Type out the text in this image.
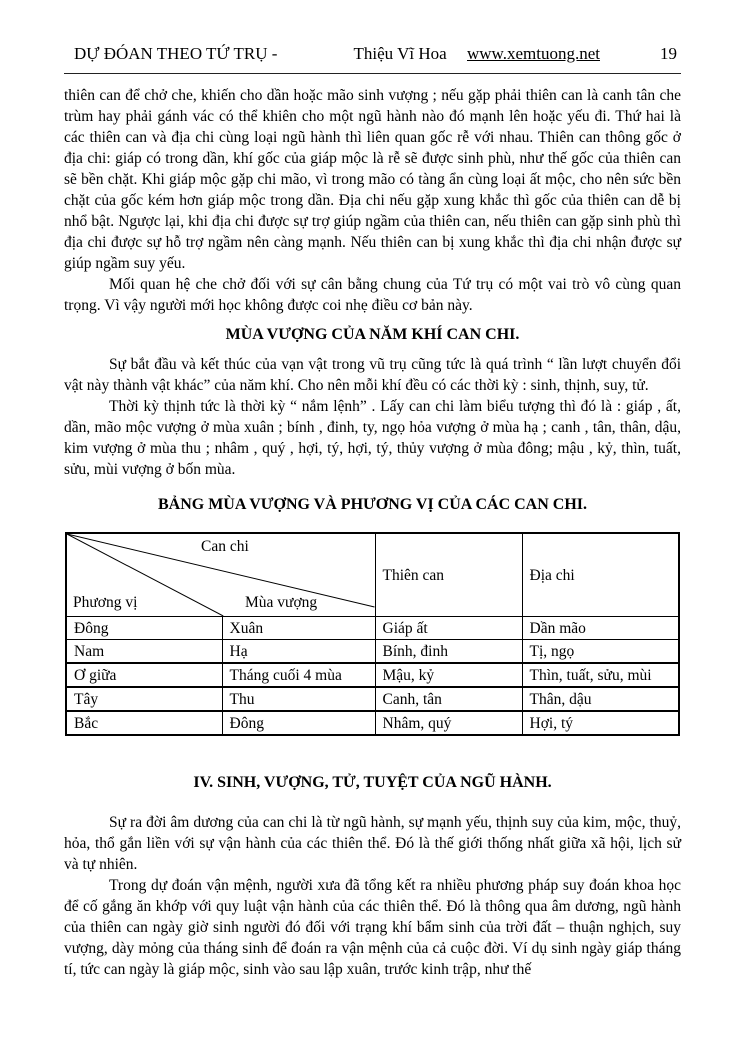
DỰ ĐÓAN THEO TỨ TRỤ -	Thiệu Vĩ Hoa www.xemtuong.net	19

thiên can để chở che, khiến cho dần hoặc mão sinh vượng ; nếu gặp phải thiên can là canh tân che trùm hay phải gánh vác có thể khiên cho một ngũ hành nào đó mạnh lên hoặc yếu đi. Thứ hai là các thiên can và địa chi cùng loại ngũ hành thì liên quan gốc rễ với nhau. Thiên can thông gốc ở địa chi: giáp có trong dần, khí gốc của giáp mộc là rễ sẽ được sinh phù, như thế gốc của thiên can sẽ bền chặt. Khi giáp mộc gặp chi mão, vì trong mão có tàng ẩn cùng loại ất mộc, cho nên sức bền chặt của gốc kém hơn giáp mộc trong dần. Địa chi nếu gặp xung khắc thì gốc của thiên can dễ bị nhổ bật. Ngược lại, khi địa chi được sự trợ giúp ngầm của thiên can, nếu thiên can gặp sinh phù thì địa chi được sự hỗ trợ ngầm nên càng mạnh. Nếu thiên can bị xung khắc thì địa chi nhận được sự giúp ngầm suy yếu.

Mối quan hệ che chở đối với sự cân bằng chung của Tứ trụ có một vai trò vô cùng quan trọng. Vì vậy người mới học không được coi nhẹ điều cơ bản này.

MÙA VƯỢNG CỦA NĂM KHÍ CAN CHI.

Sự bắt đầu và kết thúc của vạn vật trong vũ trụ cũng tức là quá trình “ lần lượt chuyển đổi vật này thành vật khác” của năm khí. Cho nên mỗi khí đều có các thời kỳ : sinh, thịnh, suy, tử.

Thời kỳ thịnh tức là thời kỳ “ nắm lệnh” . Lấy can chi làm biểu tượng thì đó là : giáp , ất, dần, mão mộc vượng ở mùa xuân ; bính , đinh, ty, ngọ hỏa vượng ở mùa hạ ; canh , tân, thân, dậu, kim vượng ở mùa thu ; nhâm , quý , hợi, tý, hợi, tý, thủy vượng ở mùa đông; mậu , kỷ, thìn, tuất, sửu, mùi vượng ở bốn mùa.

BẢNG MÙA VƯỢNG VÀ PHƯƠNG VỊ CỦA CÁC CAN CHI.

Can chi
Phương vị Mùa vượng		Thiên can	Địa chi
Đông	Xuân	Giáp ất	Dần mão
Nam	Hạ	Bính, đinh	Tị, ngọ
Ơ giữa	Tháng cuối 4 mùa	Mậu, kỷ	Thìn, tuất, sửu, mùi
Tây	Thu	Canh, tân	Thân, dậu
Bắc	Đông	Nhâm, quý	Hợi, tý

IV. SINH, VƯỢNG, TỬ, TUYỆT CỦA NGŨ HÀNH.

Sự ra đời âm dương của can chi là từ ngũ hành, sự mạnh yếu, thịnh suy của kim, mộc, thuỷ, hỏa, thổ gắn liền với sự vận hành của các thiên thể. Đó là thế giới thống nhất giữa xã hội, lịch sử và tự nhiên.

Trong dự đoán vận mệnh, người xưa đã tổng kết ra nhiều phương pháp suy đoán khoa học để cố gắng ăn khớp với quy luật vận hành của các thiên thể. Đó là thông qua âm dương, ngũ hành của thiên can ngày giờ sinh người đó đối với trạng khí bẩm sinh của trời đất – thuận nghịch, suy vượng, dày mỏng của tháng sinh để đoán ra vận mệnh của cả cuộc đời. Ví dụ sinh ngày giáp tháng tí, tức can ngày là giáp mộc, sinh vào sau lập xuân, trước kinh trập, như thế
